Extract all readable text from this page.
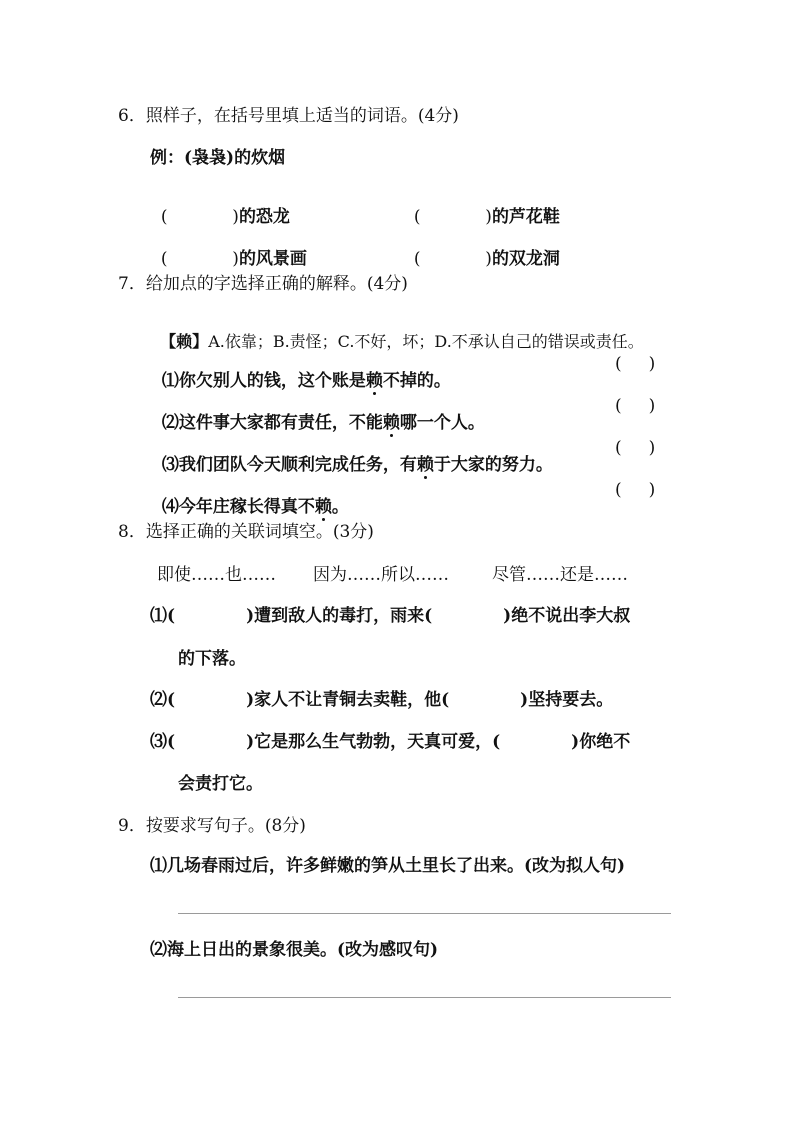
6．照样子，在括号里填上适当的词语。(4分)
例：(袅袅)的炊烟

(            )的恐龙	(            )的芦花鞋

(            )的风景画	(            )的双龙洞

7．给加点的字选择正确的解释。(4分)

【赖】A.依靠；B.责怪；C.不好，坏；D.不承认自己的错误或责任。

⑴你欠别人的钱，这个账是赖不掉的。

(     )

⑵这件事大家都有责任，不能赖哪一个人。

(     )

⑶我们团队今天顺利完成任务，有赖于大家的努力。

(     )

⑷今年庄稼长得真不赖。

(     )
8．选择正确的关联词填空。(3分)
即使……也…… 因为……所以……	尽管……还是……
⑴(            )遭到敌人的毒打，雨来(            )绝不说出李大叔
的下落。
⑵(            )家人不让青铜去卖鞋，他(            )坚持要去。
⑶(            )它是那么生气勃勃，天真可爱，(            )你绝不
会责打它。
9．按要求写句子。(8分)
⑴几场春雨过后，许多鲜嫩的笋从土里长了出来。(改为拟人句)
⑵海上日出的景象很美。(改为感叹句)
